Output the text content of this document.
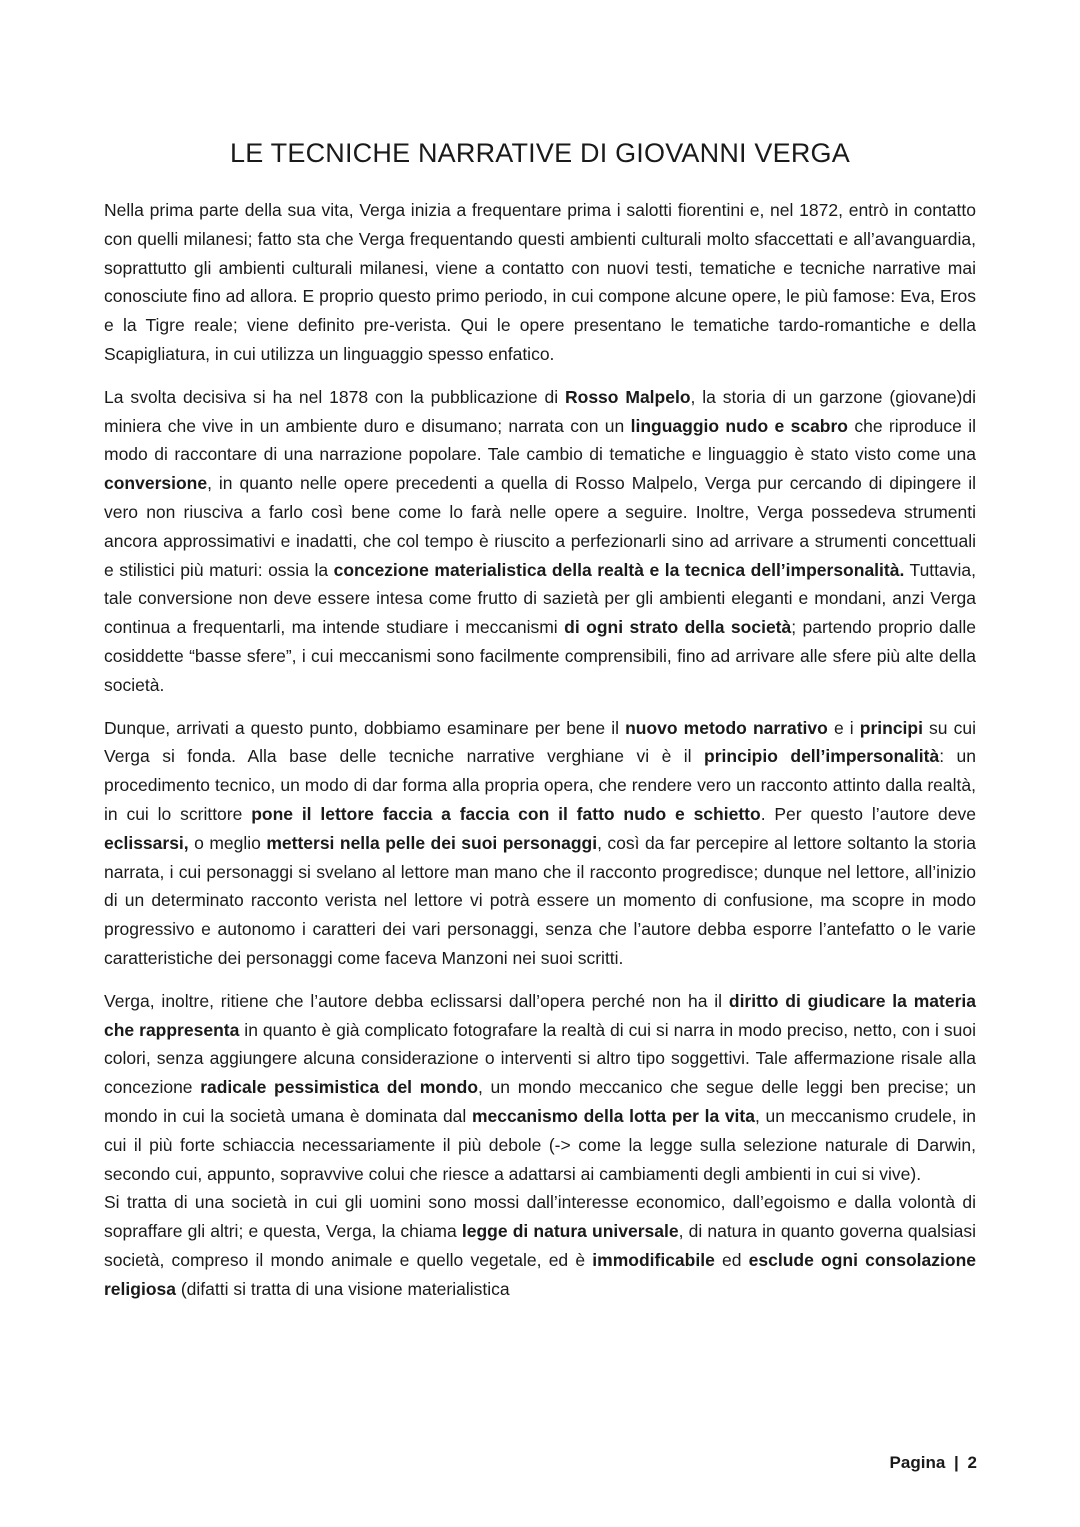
LE TECNICHE NARRATIVE DI GIOVANNI VERGA

Nella prima parte della sua vita, Verga inizia a frequentare prima i salotti fiorentini e, nel 1872, entrò in contatto con quelli milanesi; fatto sta che Verga frequentando questi ambienti culturali molto sfaccettati e all’avanguardia, soprattutto gli ambienti culturali milanesi, viene a contatto con nuovi testi, tematiche e tecniche narrative mai conosciute fino ad allora. E proprio questo primo periodo, in cui compone alcune opere, le più famose: Eva, Eros e la Tigre reale; viene definito pre-verista. Qui le opere presentano le tematiche tardo-romantiche e della Scapigliatura, in cui utilizza un linguaggio spesso enfatico.

La svolta decisiva si ha nel 1878 con la pubblicazione di Rosso Malpelo, la storia di un garzone (giovane)di miniera che vive in un ambiente duro e disumano; narrata con un linguaggio nudo e scabro che riproduce il modo di raccontare di una narrazione popolare. Tale cambio di tematiche e linguaggio è stato visto come una conversione, in quanto nelle opere precedenti a quella di Rosso Malpelo, Verga pur cercando di dipingere il vero non riusciva a farlo così bene come lo farà nelle opere a seguire. Inoltre, Verga possedeva strumenti ancora approssimativi e inadatti, che col tempo è riuscito a perfezionarli sino ad arrivare a strumenti concettuali e stilistici più maturi: ossia la concezione materialistica della realtà e la tecnica dell’impersonalità. Tuttavia, tale conversione non deve essere intesa come frutto di sazietà per gli ambienti eleganti e mondani, anzi Verga continua a frequentarli, ma intende studiare i meccanismi di ogni strato della società; partendo proprio dalle cosiddette “basse sfere”, i cui meccanismi sono facilmente comprensibili, fino ad arrivare alle sfere più alte della società.

Dunque, arrivati a questo punto, dobbiamo esaminare per bene il nuovo metodo narrativo e i principi su cui Verga si fonda. Alla base delle tecniche narrative verghiane vi è il principio dell’impersonalità: un procedimento tecnico, un modo di dar forma alla propria opera, che rendere vero un racconto attinto dalla realtà, in cui lo scrittore pone il lettore faccia a faccia con il fatto nudo e schietto. Per questo l’autore deve eclissarsi, o meglio mettersi nella pelle dei suoi personaggi, così da far percepire al lettore soltanto la storia narrata, i cui personaggi si svelano al lettore man mano che il racconto progredisce; dunque nel lettore, all’inizio di un determinato racconto verista nel lettore vi potrà essere un momento di confusione, ma scopre in modo progressivo e autonomo i caratteri dei vari personaggi, senza che l’autore debba esporre l’antefatto o le varie caratteristiche dei personaggi come faceva Manzoni nei suoi scritti.

Verga, inoltre, ritiene che l’autore debba eclissarsi dall’opera perché non ha il diritto di giudicare la materia che rappresenta in quanto è già complicato fotografare la realtà di cui si narra in modo preciso, netto, con i suoi colori, senza aggiungere alcuna considerazione o interventi si altro tipo soggettivi. Tale affermazione risale alla concezione radicale pessimistica del mondo, un mondo meccanico che segue delle leggi ben precise; un mondo in cui la società umana è dominata dal meccanismo della lotta per la vita, un meccanismo crudele, in cui il più forte schiaccia necessariamente il più debole (-> come la legge sulla selezione naturale di Darwin, secondo cui, appunto, sopravvive colui che riesce a adattarsi ai cambiamenti degli ambienti in cui si vive).

Si tratta di una società in cui gli uomini sono mossi dall’interesse economico, dall’egoismo e dalla volontà di sopraffare gli altri; e questa, Verga, la chiama legge di natura universale, di natura in quanto governa qualsiasi società, compreso il mondo animale e quello vegetale, ed è immodificabile ed esclude ogni consolazione religiosa (difatti si tratta di una visione materialistica

Pagina | 2
